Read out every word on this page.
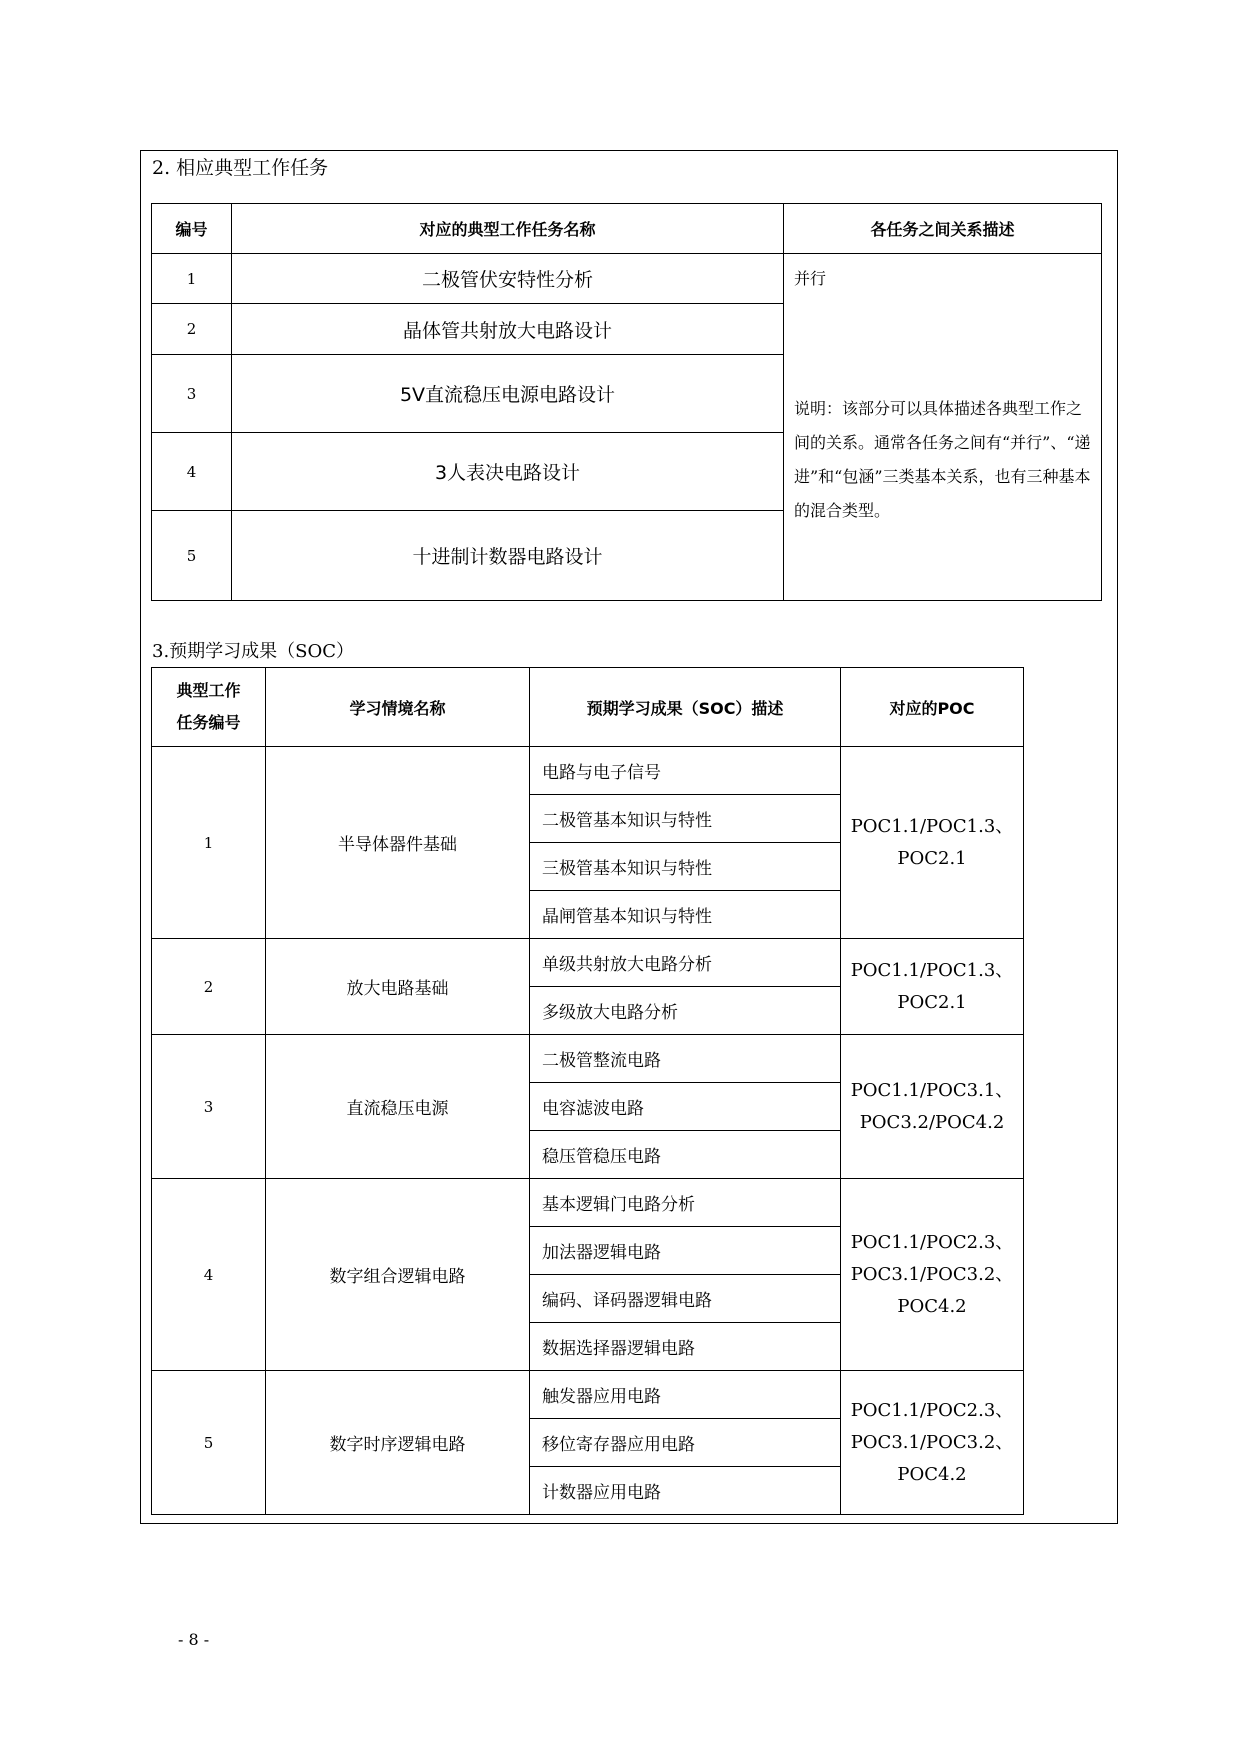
2. 相应典型工作任务
编号	对应的典型工作任务名称	各任务之间关系描述
1	二极管伏安特性分析	并行
说明：该部分可以具体描述各典型工作之间的关系。通常各任务之间有“并行”、“递进”和“包涵”三类基本关系，也有三种基本的混合类型。

2	晶体管共射放大电路设计	
3	5V直流稳压电源电路设计	
4	3人表决电路设计	
5	十进制计数器电路设计	
3.预期学习成果（SOC）
典型工作任务编号	学习情境名称	预期学习成果（SOC）描述	对应的POC
1	半导体器件基础	电路与电子信号	POC1.1/POC1.3、POC2.1

		二极管基本知识与特性	
		三极管基本知识与特性	
		晶闸管基本知识与特性	
2	放大电路基础	单级共射放大电路分析	POC1.1/POC1.3、POC2.1

		多级放大电路分析	
3	直流稳压电源	二极管整流电路	POC1.1/POC3.1、POC3.2/POC4.2

		电容滤波电路	
		稳压管稳压电路	
4	数字组合逻辑电路	基本逻辑门电路分析	POC1.1/POC2.3、POC3.1/POC3.2、POC4.2

		加法器逻辑电路	
		编码、译码器逻辑电路	
		数据选择器逻辑电路	
5	数字时序逻辑电路	触发器应用电路	POC1.1/POC2.3、POC3.1/POC3.2、POC4.2

		移位寄存器应用电路	
		计数器应用电路	
- 8 -
